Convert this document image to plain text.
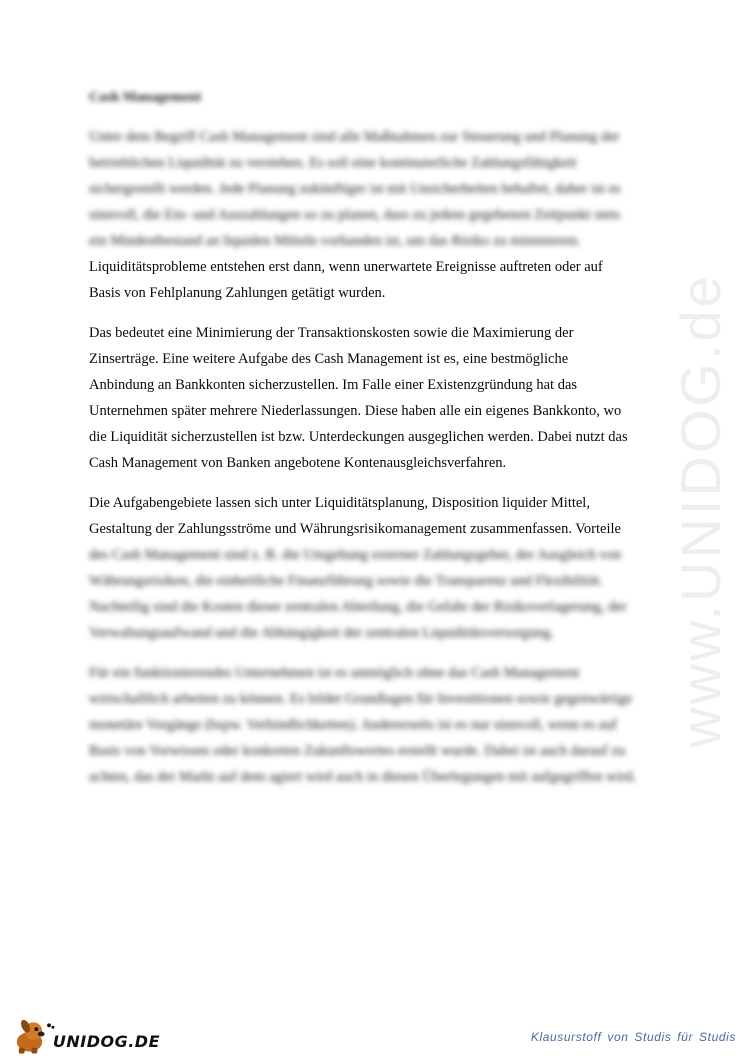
www.UNIDOG.de
Cash Management
Unter dem Begriff Cash Management sind alle Maßnahmen zur Steuerung und Planung der
betrieblichen Liquidität zu verstehen. Es soll eine kontinuierliche Zahlungsfähigkeit
sichergestellt werden. Jede Planung zukünftiger ist mit Unsicherheiten behaftet, daher ist es
sinnvoll, die Ein- und Auszahlungen so zu planen, dass zu jedem gegebenen Zeitpunkt stets
ein Mindestbestand an liquiden Mitteln vorhanden ist, um das Risiko zu minimieren.
Liquiditätsprobleme entstehen erst dann, wenn unerwartete Ereignisse auftreten oder auf
Basis von Fehlplanung Zahlungen getätigt wurden.
Das bedeutet eine Minimierung der Transaktionskosten sowie die Maximierung der
Zinserträge. Eine weitere Aufgabe des Cash Management ist es, eine bestmögliche
Anbindung an Bankkonten sicherzustellen. Im Falle einer Existenzgründung hat das
Unternehmen später mehrere Niederlassungen. Diese haben alle ein eigenes Bankkonto, wo
die Liquidität sicherzustellen ist bzw. Unterdeckungen ausgeglichen werden. Dabei nutzt das
Cash Management von Banken angebotene Kontenausgleichsverfahren.
Die Aufgabengebiete lassen sich unter Liquiditätsplanung, Disposition liquider Mittel,
Gestaltung der Zahlungsströme und Währungsrisikomanagement zusammenfassen. Vorteile
des Cash Management sind z. B. die Umgehung externer Zahlungsgeber, der Ausgleich von
Währungsrisiken, die einheitliche Finanzführung sowie die Transparenz und Flexibilität.
Nachteilig sind die Kosten dieser zentralen Abteilung, die Gefahr der Risikoverlagerung, der
Verwaltungsaufwand und die Abhängigkeit der zentralen Liquiditätsversorgung.
Für ein funktionierendes Unternehmen ist es unmöglich ohne das Cash Management
wirtschaftlich arbeiten zu können. Es bildet Grundlagen für Investitionen sowie gegenwärtige
monetäre Vorgänge (bspw. Verbindlichkeiten). Andererseits ist es nur sinnvoll, wenn es auf
Basis von Vorwissen oder konkreten Zukunftswertes erstellt wurde. Dabei ist auch darauf zu
achten, das der Markt auf dem agiert wird auch in diesen Überlegungen mit aufgegriffen wird.
UNIDOG.DE	Klausurstoff von Studis für Studis
